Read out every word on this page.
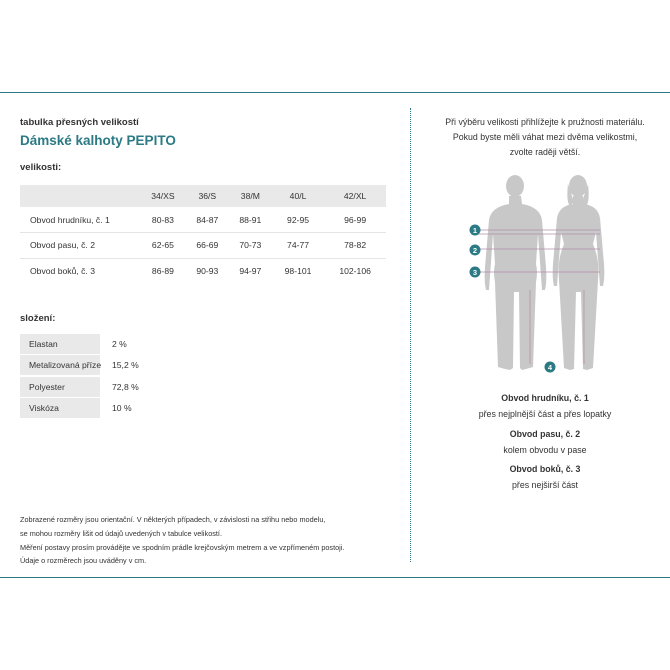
tabulka přesných velikostí
Dámské kalhoty PEPITO
velikosti:
	34/XS	36/S	38/M	40/L	42/XL
Obvod hrudníku, č. 1	80-83	84-87	88-91	92-95	96-99
Obvod pasu, č. 2	62-65	66-69	70-73	74-77	78-82
Obvod boků, č. 3	86-89	90-93	94-97	98-101	102-106
složení:
Elastan	2 %
Metalizovaná příze	15,2 %
Polyester	72,8 %
Viskóza	10 %
Zobrazené rozměry jsou orientační. V některých případech, v závislosti na střihu nebo modelu,
se mohou rozměry lišit od údajů uvedených v tabulce velikostí.
Měření postavy prosím provádějte ve spodním prádle krejčovským metrem a ve vzpřímeném postoji.
Údaje o rozměrech jsou uváděny v cm.
Při výběru velikosti přihlížejte k pružnosti materiálu.
Pokud byste měli váhat mezi dvěma velikostmi,
zvolte raději větší.
1
2
3
4
Obvod hrudníku, č. 1
přes nejplnější část a přes lopatky
Obvod pasu, č. 2
kolem obvodu v pase
Obvod boků, č. 3
přes nejširší část
